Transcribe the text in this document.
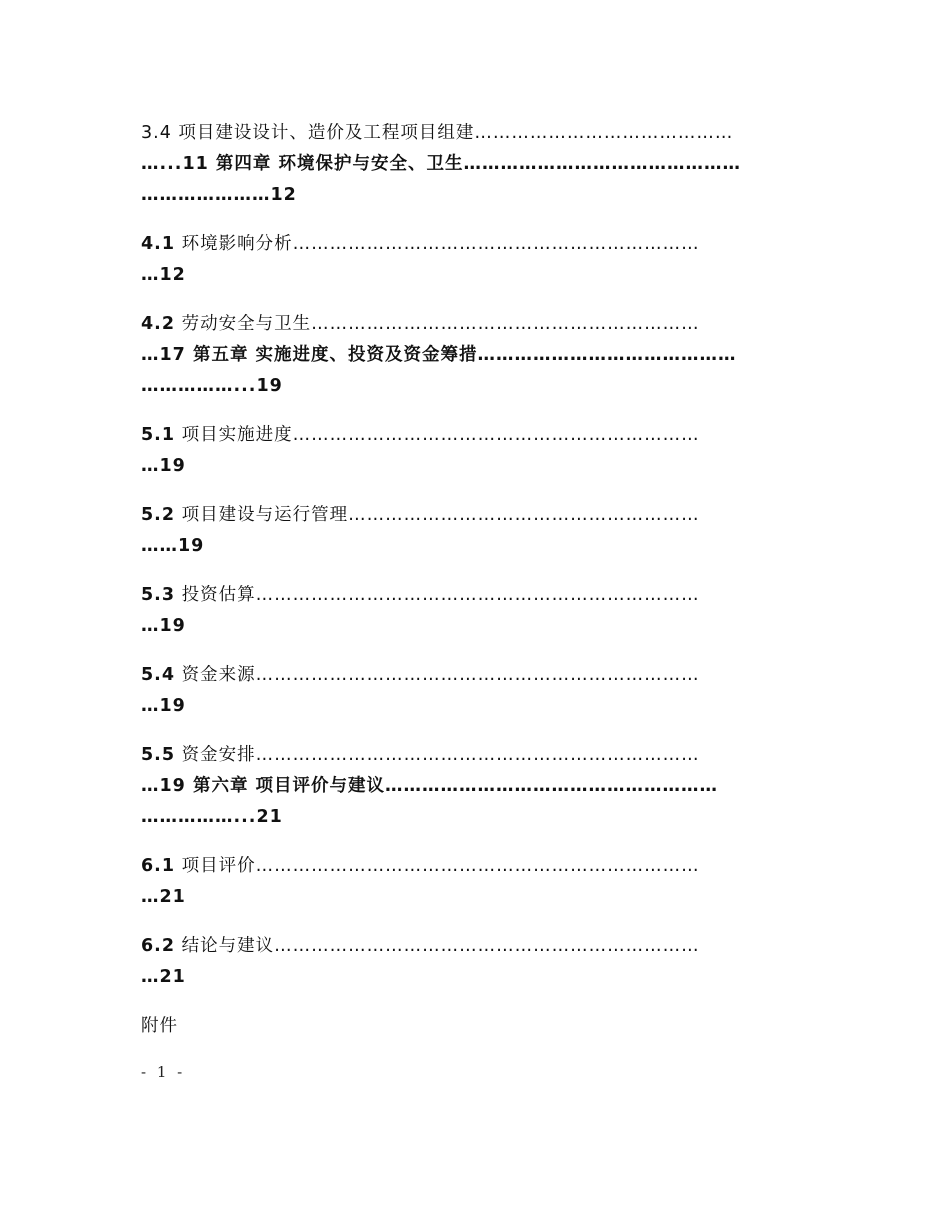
3.4 项目建设设计、造价及工程项目组建……………………………………
…...11 第四章 环境保护与安全、卫生………………………………………
…………………12
4.1 环境影响分析…………………………………………………………
…12
4.2 劳动安全与卫生………………………………………………………
…17 第五章 实施进度、投资及资金筹措……………………………………
……………...19
5.1 项目实施进度…………………………………………………………
…19
5.2 项目建设与运行管理…………………………………………………
……19
5.3 投资估算………………………………………………………………
…19
5.4 资金来源………………………………………………………………
…19
5.5 资金安排………………………………………………………………
…19 第六章 项目评价与建议………………………………………………
……………...21
6.1 项目评价………………………………………………………………
…21
6.2 结论与建议……………………………………………………………
…21
附件
- 1 -
